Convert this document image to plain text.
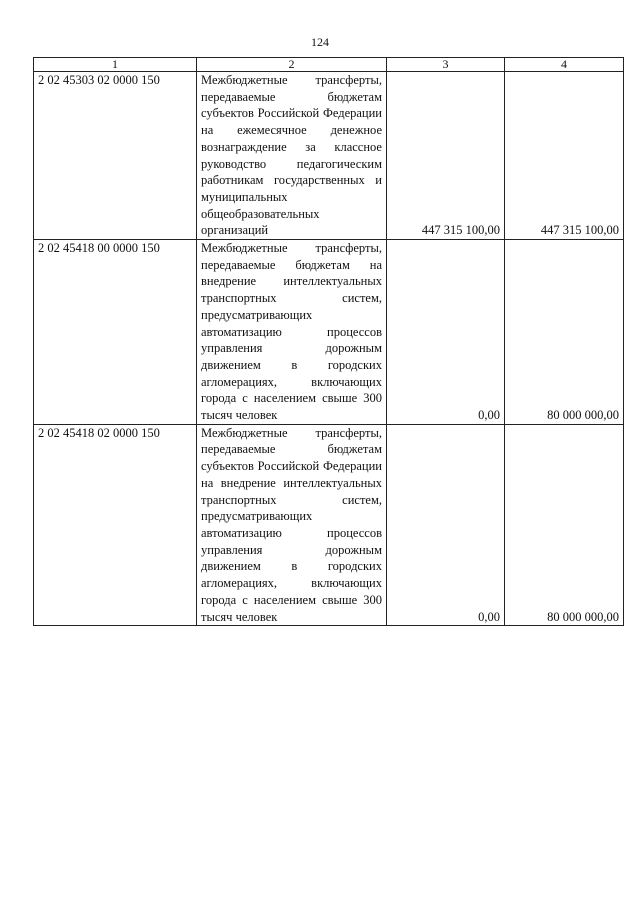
124
1	2	3	4
2 02 45303 02 0000 150	Межбюджетные трансферты, передаваемые бюджетам субъектов Российской Федерации на ежемесячное денежное вознаграждение за классное руководство педагогическим работникам государственных и муниципальных общеобразовательных организаций	447 315 100,00	447 315 100,00
2 02 45418 00 0000 150	Межбюджетные трансферты, передаваемые бюджетам на внедрение интеллектуальных транспортных систем, предусматривающих автоматизацию процессов управления дорожным движением в городских агломерациях, включающих города с населением свыше 300 тысяч человек	0,00	80 000 000,00
2 02 45418 02 0000 150	Межбюджетные трансферты, передаваемые бюджетам субъектов Российской Федерации на внедрение интеллектуальных транспортных систем, предусматривающих автоматизацию процессов управления дорожным движением в городских агломерациях, включающих города с населением свыше 300 тысяч человек	0,00	80 000 000,00
